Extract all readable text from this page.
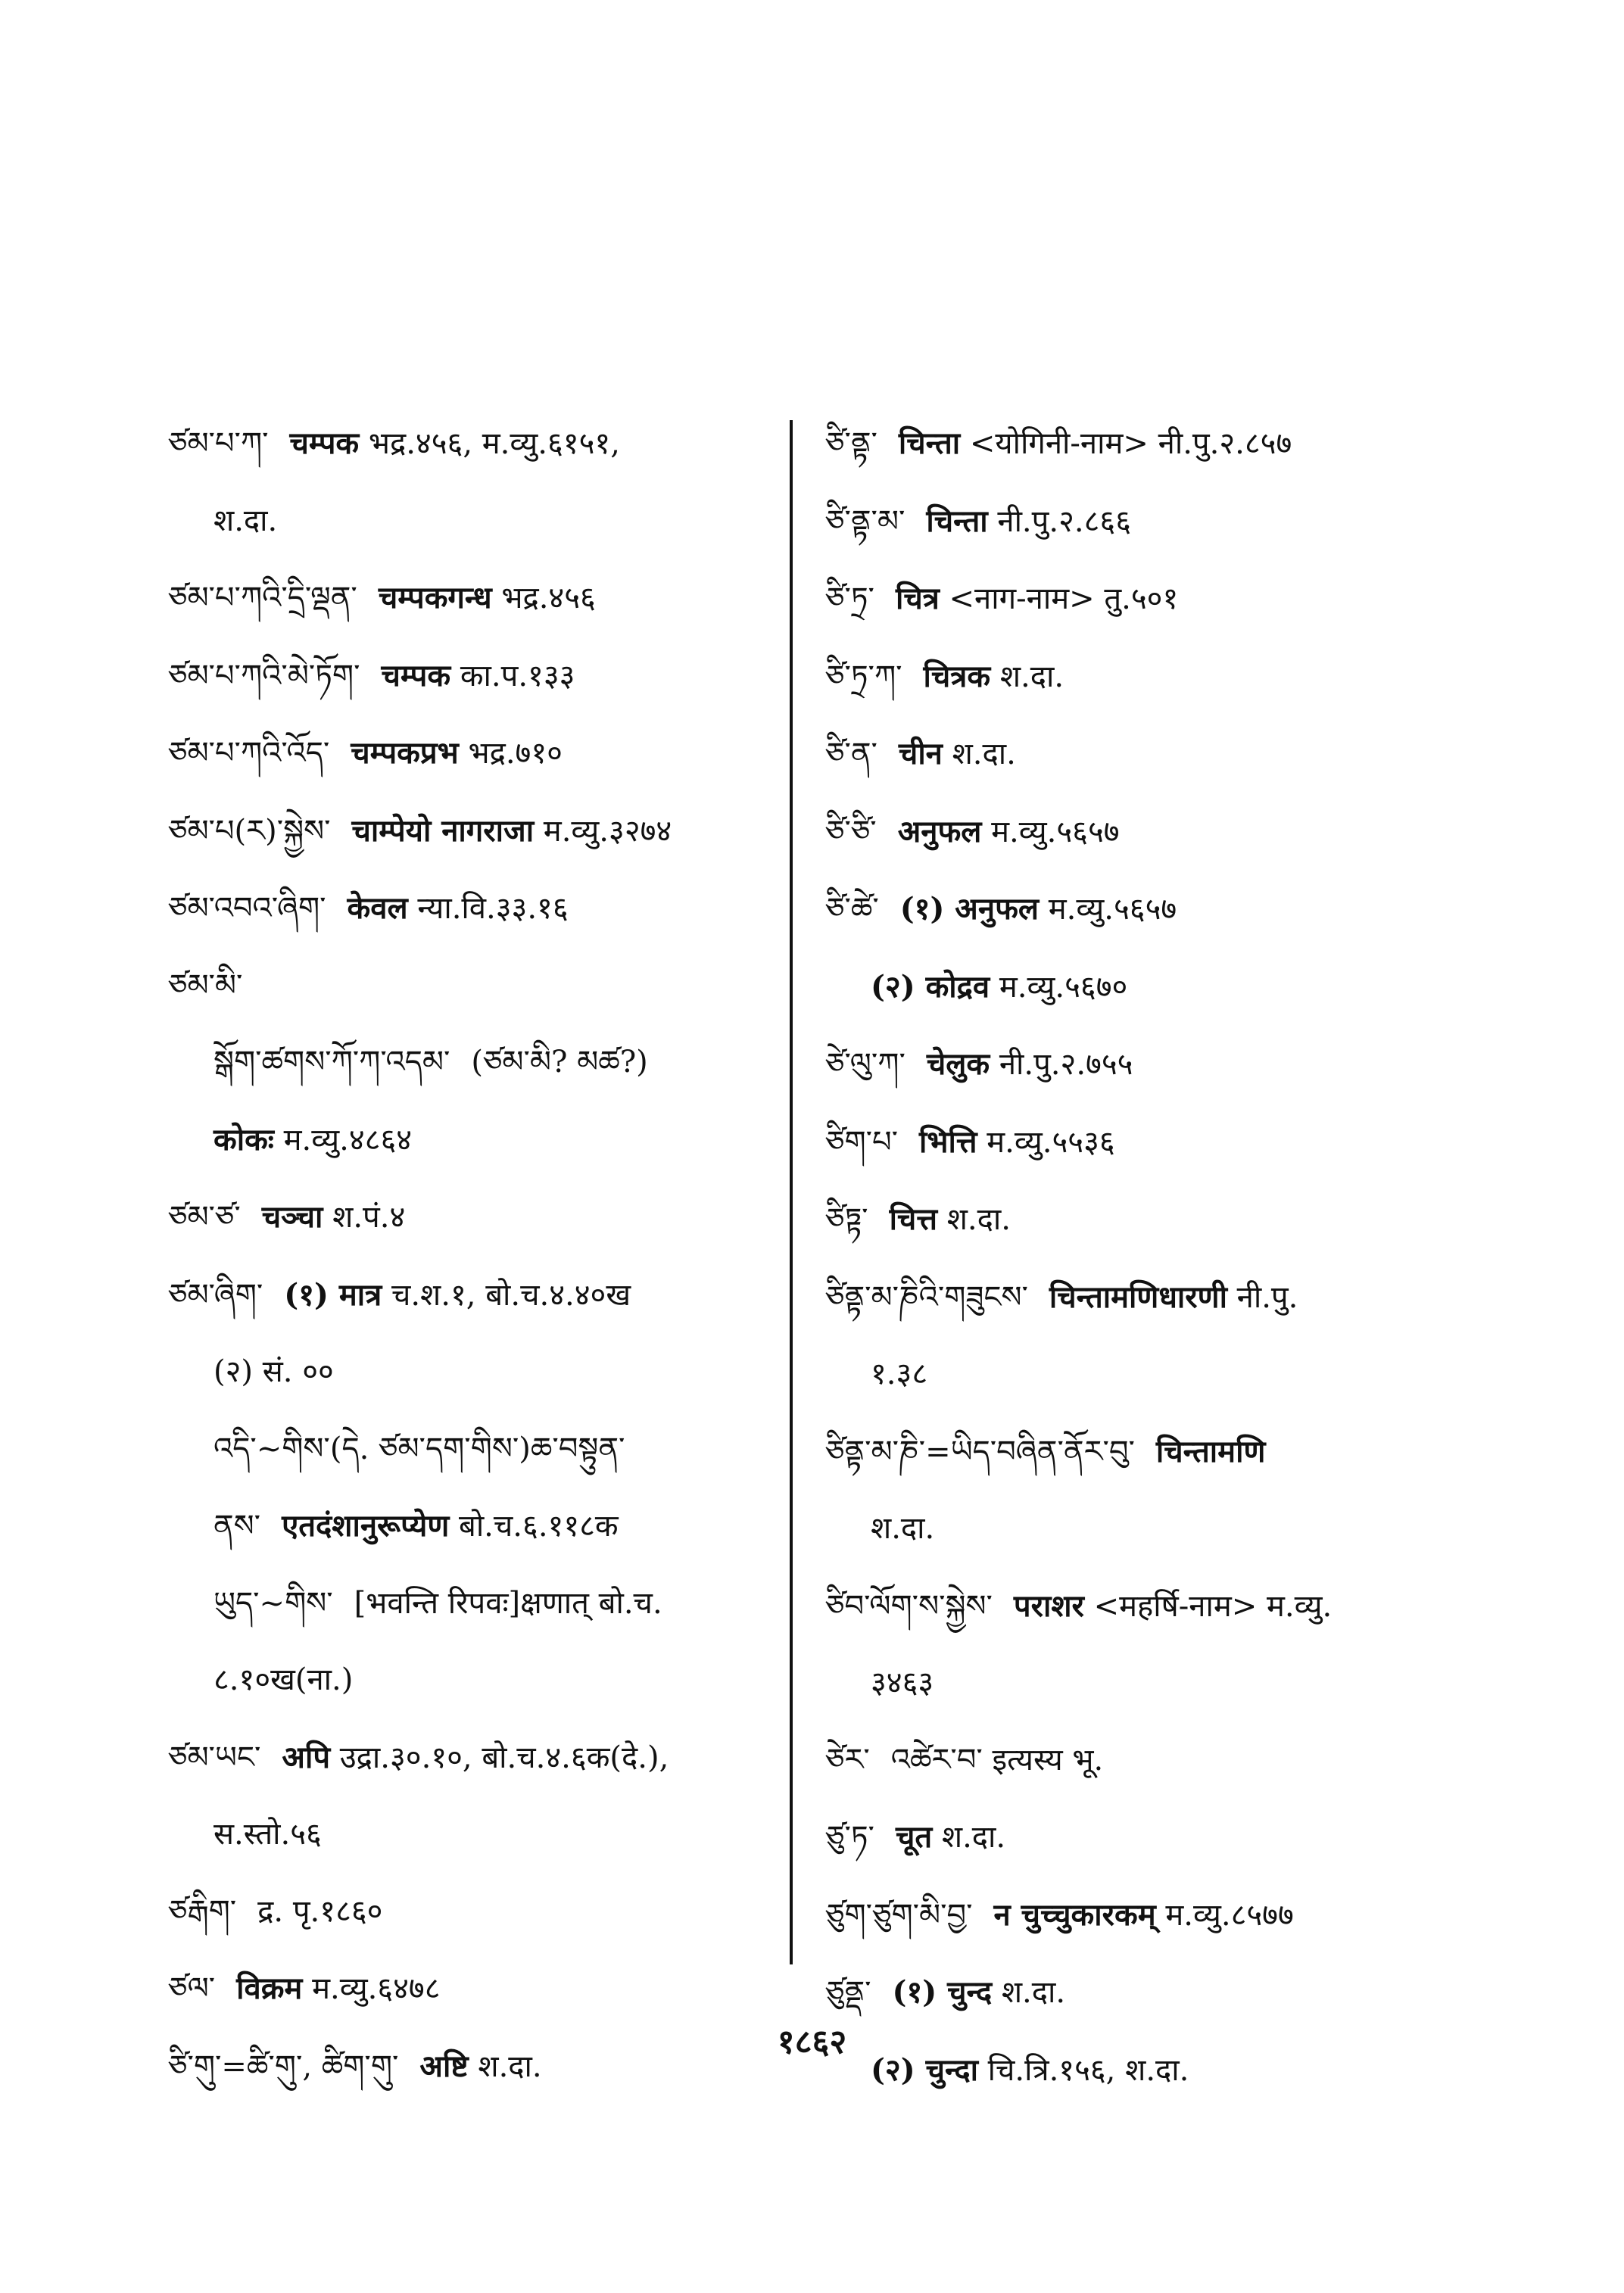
ཙམ་པ་ཀ་ चम्पक भद्र.४५६, म.व्यु.६१५१,
श.दा.
ཙམ་པ་ཀའི་དྲི་ལྡན་ चम्पकगन्ध भद्र.४५६
ཙམ་པ་ཀའི་མེ་ཏོག་ चम्पक का.प.१३३
ཙམ་པ་ཀའི་འོད་ चम्पकप्रभ भद्र.७१०
ཙམ་པ(ར)་སྐྱེས་ चाम्पेयो नागराजा म.व्यु.३२७४
ཙམ་འབའ་ཞིག་ केवल न्या.वि.३३.१६
ཙམ་མི་
སྒོག་ཚགས་ཀོ་ཀ་འདམ་ (ཙམ་མི? མཚ?)
कोकः म.व्यु.४८६४
ཙམ་ཙ་ चञ्चा श.पं.४
ཙམ་ཞིག་ (१) मात्र च.श.१, बो.च.४.४०ख
(२) सं. ००
འདི་~གིས་(དེ. ཙམ་དག་གིས་)ཆ་བསྟུན་
ནས་ एतदंशानुरूप्येण बो.च.६.११८क
ཡུད་~གིས་ [भवन्ति रिपवः]क्षणात् बो.च.
८.१०ख(ना.)
ཙམ་ཡང་ अपि उद्रा.३०.१०, बो.च.४.६क(दे.),
स.स्तो.५६
ཙརྒིག་ द्र. पृ.१८६०
ཙལ་ विक्रम म.व्यु.६४७८
ཙི་གུ་=ཚི་གུ་, ཚིག་གུ་ अष्टि श.दा.
ཙི་ནྟ་ चिन्ता <योगिनी-नाम> नी.पु.२.८५७
ཙི་ནྟ་མ་ चिन्ता नी.पु.२.८६६
ཙི་ཏྲ་ चित्र <नाग-नाम> तु.५०१
ཙི་ཏྲ་ཀ་ चित्रक श.दा.
ཙི་ན་ चीन श.दा.
ཙི་ཙི་ अनुफल म.व्यु.५६५७
ཙི་ཚེ་ (१) अनुफल म.व्यु.५६५७
(२) कोद्रव म.व्यु.५६७०
ཙེ་ལུ་ཀ་ चेलुक नी.पु.२.७५५
ཙིག་པ་ भित्ति म.व्यु.५५३६
ཙིཏྟ་ चित्त श.दा.
ཙིནྟ་མ་ཎིའི་གཟུངས་ चिन्तामणिधारणी नी.पु.
१.३८
ཙིནྟ་མ་ཎི་=ཡིད་བཞིན་ནོར་བུ་ चिन्तामणि
श.दा.
ཙིབ་ལོག་ས་སྐྱེས་ पराशर <महर्षि-नाम> म.व्यु.
३४६३
ཙེར་ འཚེར་བ་ इत्यस्य भू.
ཙུ་ཏ་ चूत श.दा.
ཙུག་ཙུག་མི་བྱ་ न चुच्चुकारकम् म.व्यु.८५७७
ཙུནྡ་ (१) चुन्द श.दा.
(२) चुन्दा चि.त्रि.१५६, श.दा.
१८६२
